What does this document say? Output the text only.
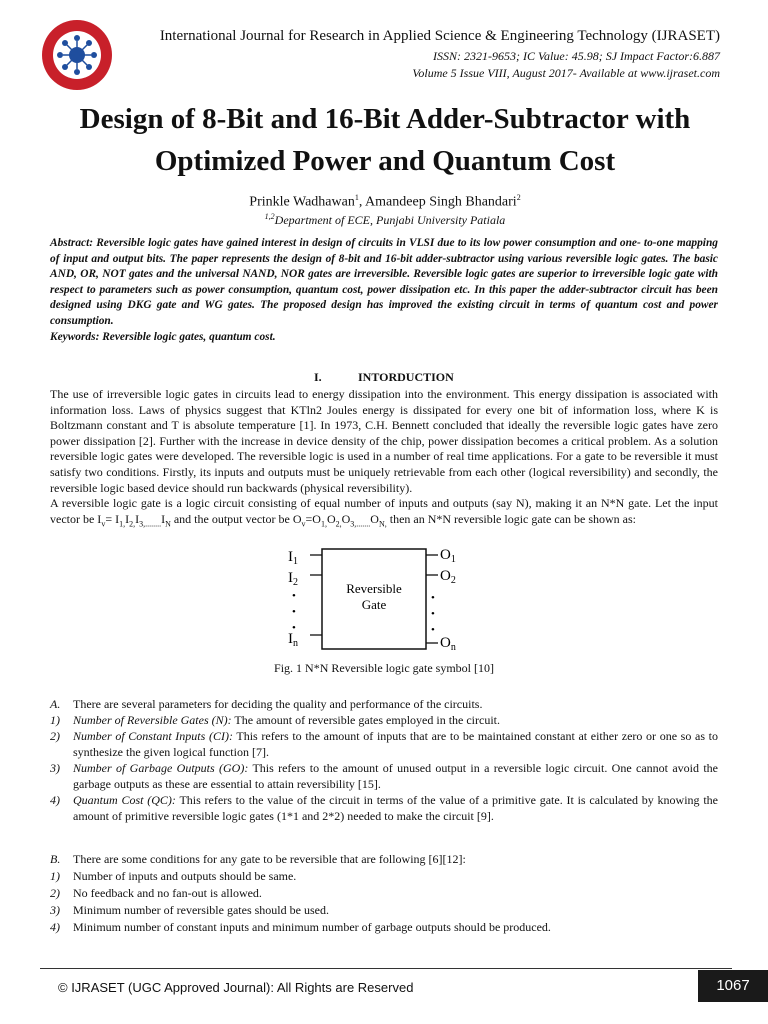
International Journal for Research in Applied Science & Engineering Technology (IJRASET)
ISSN: 2321-9653; IC Value: 45.98; SJ Impact Factor:6.887
Volume 5 Issue VIII, August 2017- Available at www.ijraset.com
Design of 8-Bit and 16-Bit Adder-Subtractor with
Optimized Power and Quantum Cost
Prinkle Wadhawan$^1$, Amandeep Singh Bhandari$^2$
$^{1,2}$Department of ECE, Punjabi University Patiala

Abstract: Reversible logic gates have gained interest in design of circuits in VLSI due to its low power consumption and one- to-one mapping of input and output bits. The paper represents the design of 8-bit and 16-bit adder-subtractor using various reversible logic gates. The basic AND, OR, NOT gates and the universal NAND, NOR gates are irreversible. Reversible logic gates are superior to irreversible logic gate with respect to parameters such as power consumption, quantum cost, power dissipation etc. In this paper the adder-subtractor circuit has been designed using DKG gate and WG gates. The proposed design has improved the existing circuit in terms of quantum cost and power consumption.

Keywords: Reversible logic gates, quantum cost.

I.	INTORDUCTION

The use of irreversible logic gates in circuits lead to energy dissipation into the environment. This energy dissipation is associated with information loss. Laws of physics suggest that KTln2 Joules energy is dissipated for every one bit of information loss, where K is Boltzmann constant and T is absolute temperature [1]. In 1973, C.H. Bennett concluded that ideally the reversible logic gates have zero power dissipation [2]. Further with the increase in device density of the chip, power dissipation becomes a critical problem. As a solution reversible logic gates were developed. The reversible logic is used in a number of real time applications. For a gate to be reversible it must satisfy two conditions. Firstly, its inputs and outputs must be uniquely retrievable from each other (logical reversibility) and secondly, the reversible logic based device should run backwards (physical reversibility).

A reversible logic gate is a logic circuit consisting of equal number of inputs and outputs (say N), making it an N*N gate. Let the input vector be $I_v= I_{1,}I_{2,}I_{3,........}I_N$ and the output vector be $O_v=O_{1,}O_{2,}O_{3,.......}O_{N,}$ then an N*N reversible logic gate can be shown as:

Reversible
Gate
$I_1$
$I_2$
•
•
•
$I_n$
$O_1$
$O_2$
•
•
•
$O_n$
Fig. 1 N*N Reversible logic gate symbol [10]
A. There are several parameters for deciding the quality and performance of the circuits.
1) Number of Reversible Gates (N): The amount of reversible gates employed in the circuit.
2) Number of Constant Inputs (CI): This refers to the amount of inputs that are to be maintained constant at either zero or one so as to synthesize the given logical function [7].
3) Number of Garbage Outputs (GO): This refers to the amount of unused output in a reversible logic circuit. One cannot avoid the garbage outputs as these are essential to attain reversibility [15].
4) Quantum Cost (QC): This refers to the value of the circuit in terms of the value of a primitive gate. It is calculated by knowing the amount of primitive reversible logic gates (1*1 and 2*2) needed to make the circuit [9].
B. There are some conditions for any gate to be reversible that are following [6][12]:
1) Number of inputs and outputs should be same.
2) No feedback and no fan-out is allowed.
3) Minimum number of reversible gates should be used.
4) Minimum number of constant inputs and minimum number of garbage outputs should be produced.
© IJRASET (UGC Approved Journal): All Rights are Reserved	1067
